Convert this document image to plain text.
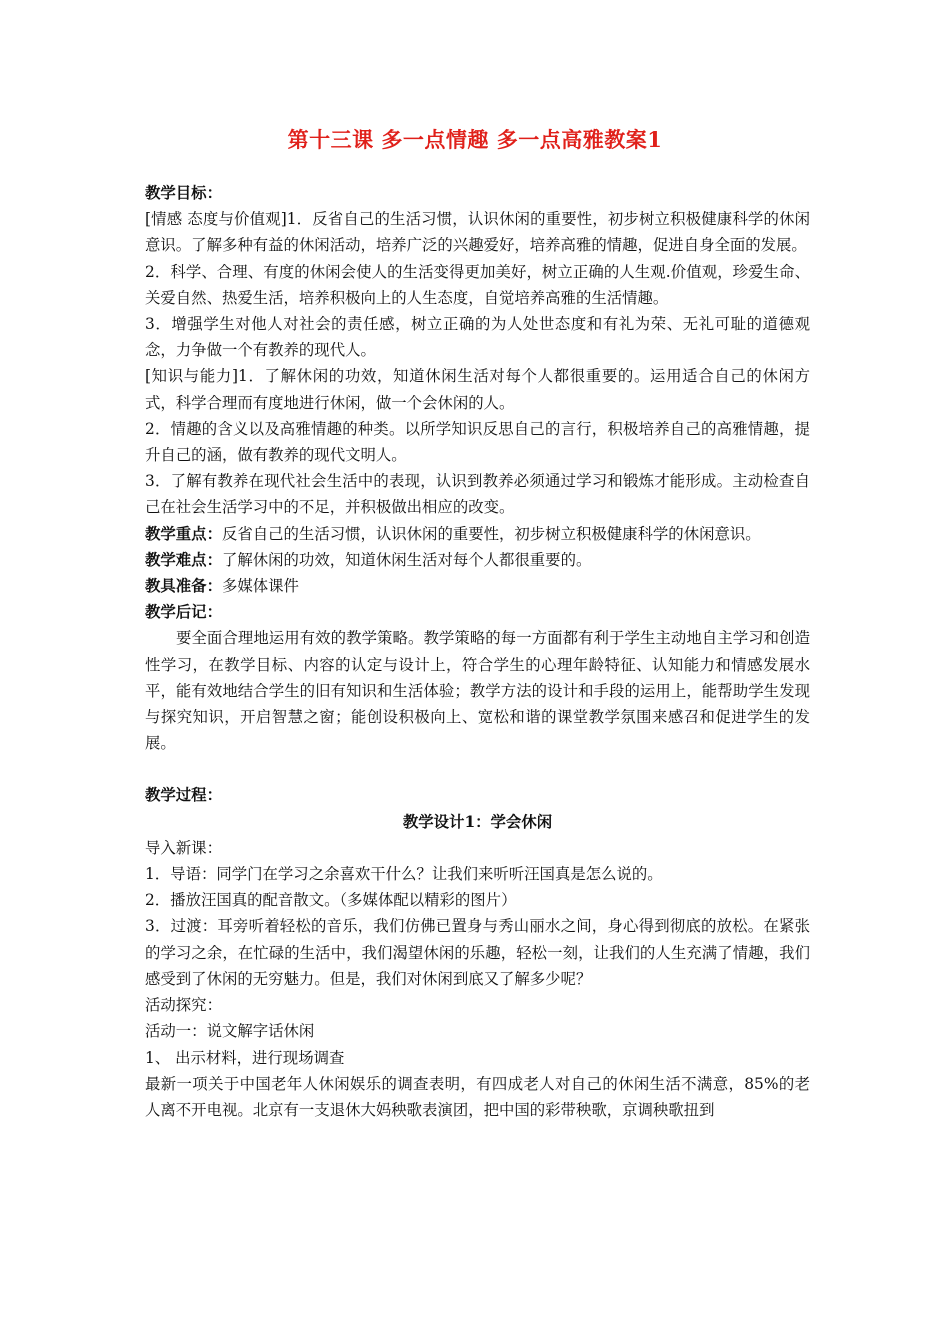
第十三课 多一点情趣 多一点高雅教案1

教学目标：

[情感 态度与价值观]1．反省自己的生活习惯，认识休闲的重要性，初步树立积极健康科学的休闲意识。了解多种有益的休闲活动，培养广泛的兴趣爱好，培养高雅的情趣，促进自身全面的发展。

2．科学、合理、有度的休闲会使人的生活变得更加美好，树立正确的人生观.价值观，珍爱生命、关爱自然、热爱生活，培养积极向上的人生态度，自觉培养高雅的生活情趣。

3．增强学生对他人对社会的责任感，树立正确的为人处世态度和有礼为荣、无礼可耻的道德观念，力争做一个有教养的现代人。

[知识与能力]1．了解休闲的功效，知道休闲生活对每个人都很重要的。运用适合自己的休闲方式，科学合理而有度地进行休闲，做一个会休闲的人。

2．情趣的含义以及高雅情趣的种类。以所学知识反思自己的言行，积极培养自己的高雅情趣，提升自己的涵，做有教养的现代文明人。

3．了解有教养在现代社会生活中的表现，认识到教养必须通过学习和锻炼才能形成。主动检查自己在社会生活学习中的不足，并积极做出相应的改变。

教学重点：反省自己的生活习惯，认识休闲的重要性，初步树立积极健康科学的休闲意识。

教学难点：了解休闲的功效，知道休闲生活对每个人都很重要的。

教具准备：多媒体课件

教学后记：

要全面合理地运用有效的教学策略。教学策略的每一方面都有利于学生主动地自主学习和创造性学习，在教学目标、内容的认定与设计上，符合学生的心理年龄特征、认知能力和情感发展水平，能有效地结合学生的旧有知识和生活体验；教学方法的设计和手段的运用上，能帮助学生发现与探究知识，开启智慧之窗；能创设积极向上、宽松和谐的课堂教学氛围来感召和促进学生的发展。

教学过程：

教学设计1：学会休闲

导入新课：

1．导语：同学门在学习之余喜欢干什么？让我们来听听汪国真是怎么说的。

2．播放汪国真的配音散文。（多媒体配以精彩的图片）

3．过渡：耳旁听着轻松的音乐，我们仿佛已置身与秀山丽水之间，身心得到彻底的放松。在紧张的学习之余，在忙碌的生活中，我们渴望休闲的乐趣，轻松一刻，让我们的人生充满了情趣，我们感受到了休闲的无穷魅力。但是，我们对休闲到底又了解多少呢？

活动探究：

活动一：说文解字话休闲

1、 出示材料，进行现场调查

最新一项关于中国老年人休闲娱乐的调查表明，有四成老人对自己的休闲生活不满意，85%的老人离不开电视。北京有一支退休大妈秧歌表演团，把中国的彩带秧歌，京调秧歌扭到
